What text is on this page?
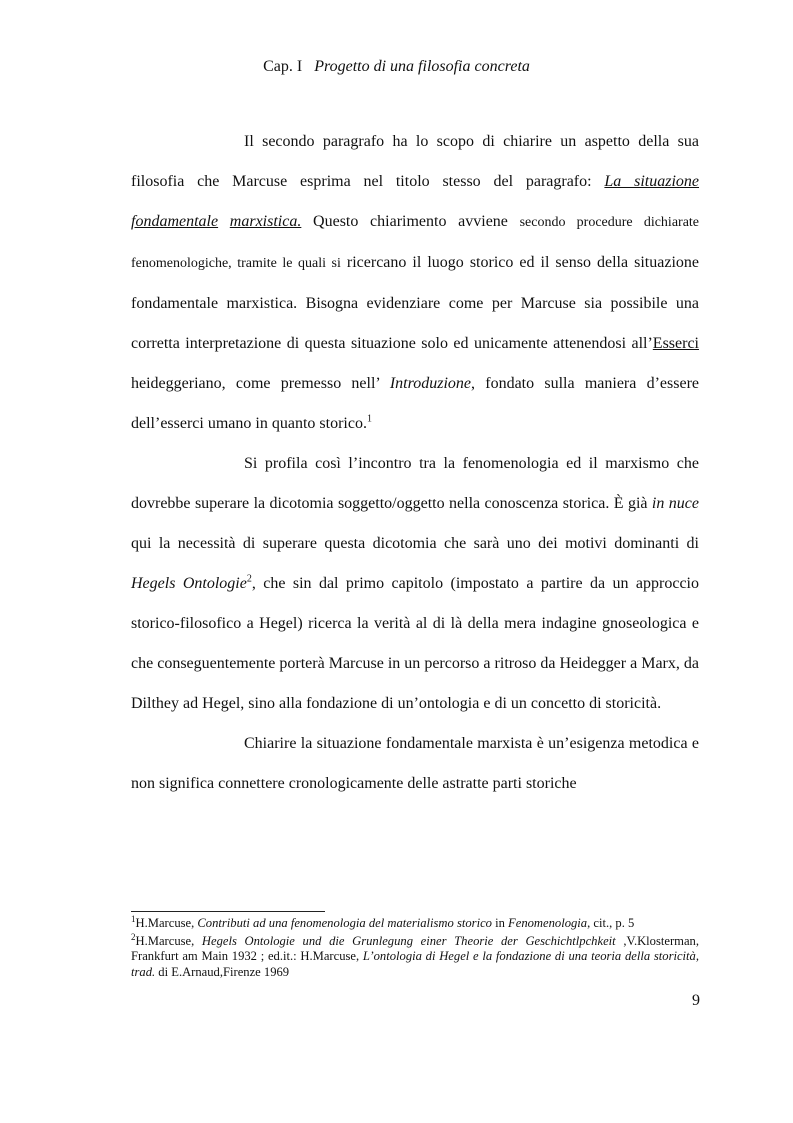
Cap. I Progetto di una filosofia concreta

Il secondo paragrafo ha lo scopo di chiarire un aspetto della sua filosofia che Marcuse esprima nel titolo stesso del paragrafo: La situazione fondamentale marxistica. Questo chiarimento avviene secondo procedure dichiarate fenomenologiche, tramite le quali si ricercano il luogo storico ed il senso della situazione fondamentale marxistica. Bisogna evidenziare come per Marcuse sia possibile una corretta interpretazione di questa situazione solo ed unicamente attenendosi all’Esserci heideggeriano, come premesso nell’ Introduzione, fondato sulla maniera d’essere dell’esserci umano in quanto storico.$^1$

Si profila così l’incontro tra la fenomenologia ed il marxismo che dovrebbe superare la dicotomia soggetto/oggetto nella conoscenza storica. È già in nuce qui la necessità di superare questa dicotomia che sarà uno dei motivi dominanti di Hegels Ontologie$^2$, che sin dal primo capitolo (impostato a partire da un approccio storico-filosofico a Hegel) ricerca la verità al di là della mera indagine gnoseologica e che conseguentemente porterà Marcuse in un percorso a ritroso da Heidegger a Marx, da Dilthey ad Hegel, sino alla fondazione di un’ontologia e di un concetto di storicità.

Chiarire la situazione fondamentale marxista è un’esigenza metodica e non significa connettere cronologicamente delle astratte parti storiche

$^1$H.Marcuse, Contributi ad una fenomenologia del materialismo storico in Fenomenologia, cit., p. 5
$^2$H.Marcuse, Hegels Ontologie und die Grunlegung einer Theorie der Geschichtlpchkeit ,V.Klosterman, Frankfurt am Main 1932 ; ed.it.: H.Marcuse, L’ontologia di Hegel e la fondazione di una teoria della storicità, trad. di E.Arnaud,Firenze 1969
9
